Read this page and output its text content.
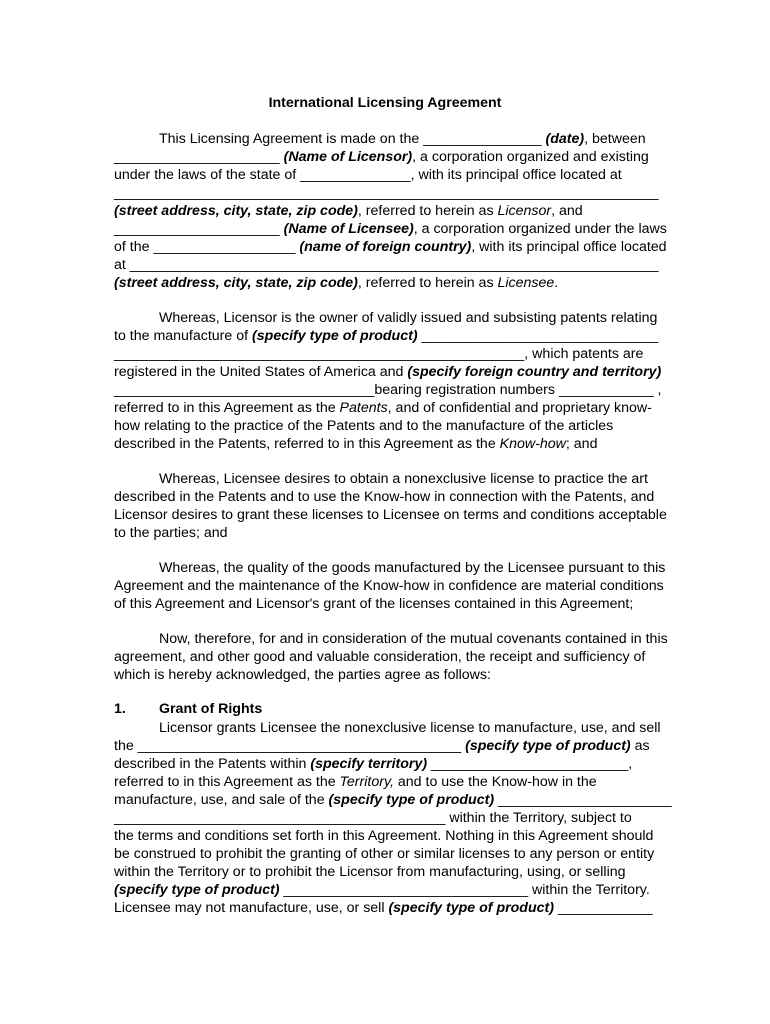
International Licensing Agreement
This Licensing Agreement is made on the _______________ (date), between
_____________________ (Name of Licensor), a corporation organized and existing
under the laws of the state of ______________, with its principal office located at
_____________________________________________________________________
(street address, city, state, zip code), referred to herein as Licensor, and
_____________________ (Name of Licensee), a corporation organized under the laws
of the __________________ (name of foreign country), with its principal office located
at ___________________________________________________________________
(street address, city, state, zip code), referred to herein as Licensee.
Whereas, Licensor is the owner of validly issued and subsisting patents relating
to the manufacture of (specify type of product) ______________________________
____________________________________________________, which patents are
registered in the United States of America and (specify foreign country and territory)
_________________________________bearing registration numbers ____________ ,
referred to in this Agreement as the Patents, and of confidential and proprietary know-
how relating to the practice of the Patents and to the manufacture of the articles
described in the Patents, referred to in this Agreement as the Know-how; and
Whereas, Licensee desires to obtain a nonexclusive license to practice the art
described in the Patents and to use the Know-how in connection with the Patents, and
Licensor desires to grant these licenses to Licensee on terms and conditions acceptable
to the parties; and
Whereas, the quality of the goods manufactured by the Licensee pursuant to this
Agreement and the maintenance of the Know-how in confidence are material conditions
of this Agreement and Licensor's grant of the licenses contained in this Agreement;
Now, therefore, for and in consideration of the mutual covenants contained in this
agreement, and other good and valuable consideration, the receipt and sufficiency of
which is hereby acknowledged, the parties agree as follows:
1. Grant of Rights
Licensor grants Licensee the nonexclusive license to manufacture, use, and sell
the _________________________________________ (specify type of product) as
described in the Patents within (specify territory) _________________________,
referred to in this Agreement as the Territory, and to use the Know-how in the
manufacture, use, and sale of the (specify type of product) ______________________
__________________________________________ within the Territory, subject to
the terms and conditions set forth in this Agreement. Nothing in this Agreement should
be construed to prohibit the granting of other or similar licenses to any person or entity
within the Territory or to prohibit the Licensor from manufacturing, using, or selling
(specify type of product) _______________________________ within the Territory.
Licensee may not manufacture, use, or sell (specify type of product) ____________
